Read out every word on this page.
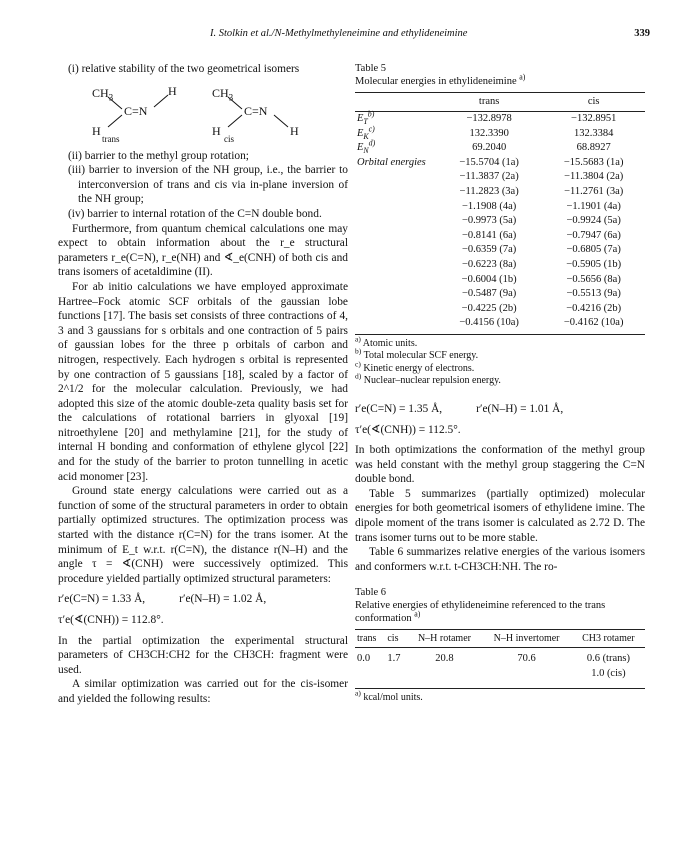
I. Stolkin et al./N-Methylmethyleneimine and ethylideneimine	339

(i) relative stability of the two geometrical isomers

$CH_3$
C=N
H
H
trans
$CH_3$
C=N
H	H
cis

(ii) barrier to the methyl group rotation;

(iii) barrier to inversion of the NH group, i.e., the barrier to interconversion of trans and cis via in-plane inversion of the NH group;

(iv) barrier to internal rotation of the C=N double bond.

Furthermore, from quantum chemical calculations one may expect to obtain information about the r_e structural parameters r_e(C=N), r_e(NH) and ∢_e(CNH) of both cis and trans isomers of acetaldimine (II).

For ab initio calculations we have employed approximate Hartree–Fock atomic SCF orbitals of the gaussian lobe functions [17]. The basis set consists of three contractions of 4, 3 and 3 gaussians for s orbitals and one contraction of 5 pairs of gaussian lobes for the three p orbitals of carbon and nitrogen, respectively. Each hydrogen s orbital is represented by one contraction of 5 gaussians [18], scaled by a factor of 2^1/2 for the molecular calculation. Previously, we had adopted this size of the atomic double-zeta quality basis set for the calculations of rotational barriers in glyoxal [19] nitroethylene [20] and methylamine [21], for the study of internal H bonding and conformation of ethylene glycol [22] and for the study of the barrier to proton tunnelling in acetic acid monomer [23].

Ground state energy calculations were carried out as a function of some of the structural parameters in order to obtain partially optimized structures. The optimization process was started with the distance r(C=N) for the trans isomer. At the minimum of E_t w.r.t. r(C=N), the distance r(N–H) and the angle τ = ∢(CNH) were successively optimized. This procedure yielded partially optimized structural parameters:

r′e(C=N) = 1.33 Å,	r′e(N–H) = 1.02 Å,
τ′e(∢(CNH)) = 112.8°.

In the partial optimization the experimental structural parameters of CH3CH:CH2 for the CH3CH: fragment were used.

A similar optimization was carried out for the cis-isomer and yielded the following results:

Table 5
Molecular energies in ethylideneimine $^{a)}$
	trans	cis
$E_T^{b)}$	−132.8978	−132.8951
$E_K^{c)}$	132.3390	132.3384
$E_N^{d)}$	69.2040	68.8927
Orbital energies	−15.5704 (1a)	−15.5683 (1a)
	−11.3837 (2a)	−11.3804 (2a)
	−11.2823 (3a)	−11.2761 (3a)
	−1.1908 (4a)	−1.1901 (4a)
	−0.9973 (5a)	−0.9924 (5a)
	−0.8141 (6a)	−0.7947 (6a)
	−0.6359 (7a)	−0.6805 (7a)
	−0.6223 (8a)	−0.5905 (1b)
	−0.6004 (1b)	−0.5656 (8a)
	−0.5487 (9a)	−0.5513 (9a)
	−0.4225 (2b)	−0.4216 (2b)
	−0.4156 (10a)	−0.4162 (10a)
$^{a)}$ Atomic units.
$^{b)}$ Total molecular SCF energy.
$^{c)}$ Kinetic energy of electrons.
$^{d)}$ Nuclear–nuclear repulsion energy.
r′e(C=N) = 1.35 Å,	r′e(N–H) = 1.01 Å,
τ′e(∢(CNH)) = 112.5°.

In both optimizations the conformation of the methyl group was held constant with the methyl group staggering the C=N double bond.

Table 5 summarizes (partially optimized) molecular energies for both geometrical isomers of ethylidene imine. The dipole moment of the trans isomer is calculated as 2.72 D. The trans isomer turns out to be more stable.

Table 6 summarizes relative energies of the various isomers and conformers w.r.t. t-CH3CH:NH. The ro-

Table 6
Relative energies of ethylideneimine referenced to the trans conformation $^{a)}$
trans	cis	N–H rotamer	N–H invertomer	CH3 rotamer
0.0	1.7	20.8	70.6	0.6 (trans)
1.0 (cis)
$^{a)}$ kcal/mol units.
